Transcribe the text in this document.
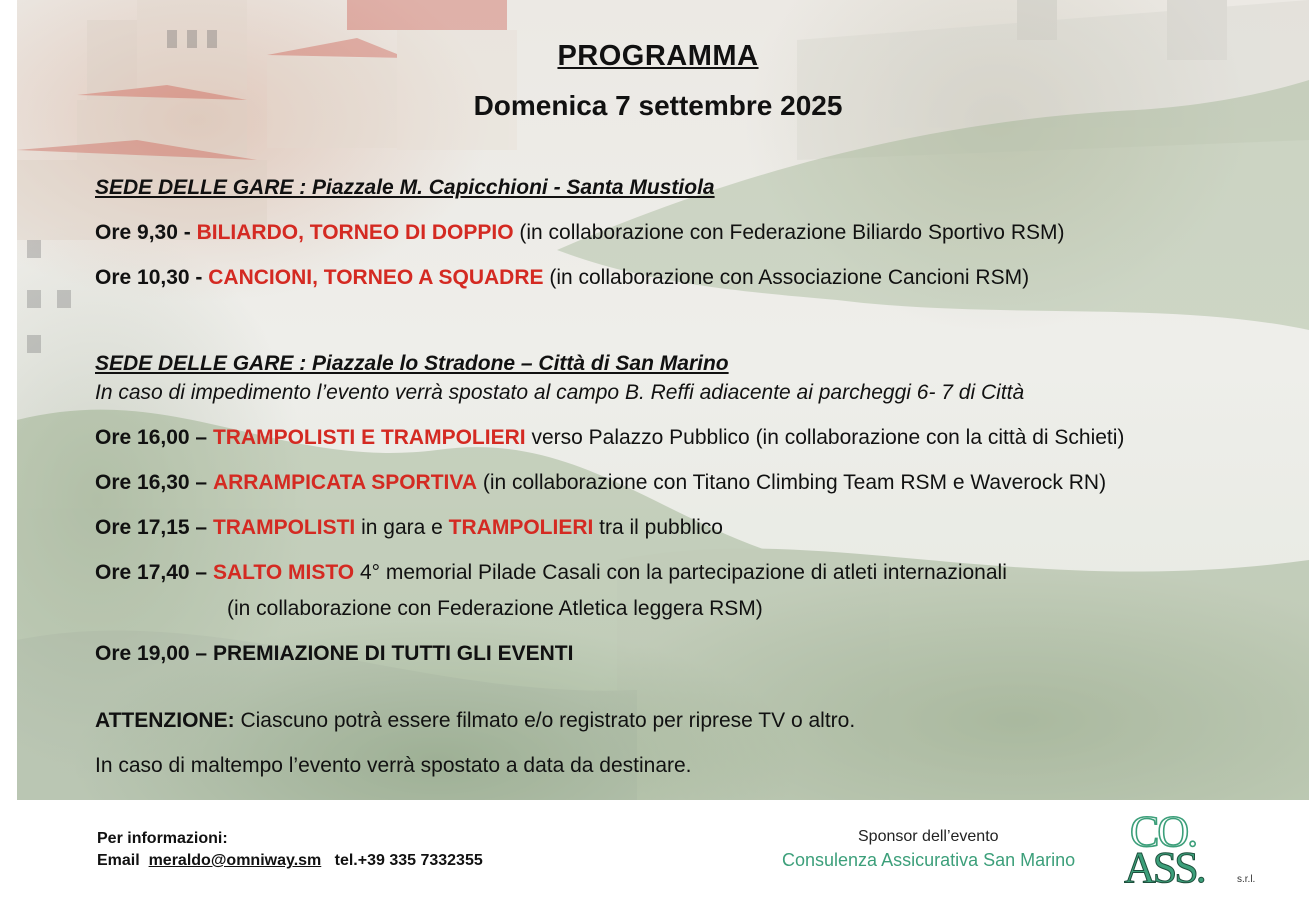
PROGRAMMA
Domenica 7 settembre 2025
SEDE DELLE GARE : Piazzale M. Capicchioni - Santa Mustiola
Ore 9,30 - BILIARDO, TORNEO DI DOPPIO (in collaborazione con Federazione Biliardo Sportivo RSM)
Ore 10,30 - CANCIONI, TORNEO A SQUADRE (in collaborazione con Associazione Cancioni RSM)
SEDE DELLE GARE : Piazzale lo Stradone – Città di San Marino
In caso di impedimento l’evento verrà spostato al campo B. Reffi adiacente ai parcheggi 6- 7 di Città
Ore 16,00 – TRAMPOLISTI E TRAMPOLIERI verso Palazzo Pubblico (in collaborazione con la città di Schieti)
Ore 16,30 – ARRAMPICATA SPORTIVA (in collaborazione con Titano Climbing Team RSM e Waverock RN)
Ore 17,15 – TRAMPOLISTI in gara e TRAMPOLIERI tra il pubblico
Ore 17,40 – SALTO MISTO 4° memorial Pilade Casali con la partecipazione di atleti internazionali
(in collaborazione con Federazione Atletica leggera RSM)
Ore 19,00 – PREMIAZIONE DI TUTTI GLI EVENTI
ATTENZIONE: Ciascuno potrà essere filmato e/o registrato per riprese TV o altro.
In caso di maltempo l’evento verrà spostato a data da destinare.
Per informazioni:
Email meraldo@omniway.sm tel.+39 335 7332355
Sponsor dell’evento
Consulenza Assicurativa San Marino
CO.
ASS.	s.r.l.
